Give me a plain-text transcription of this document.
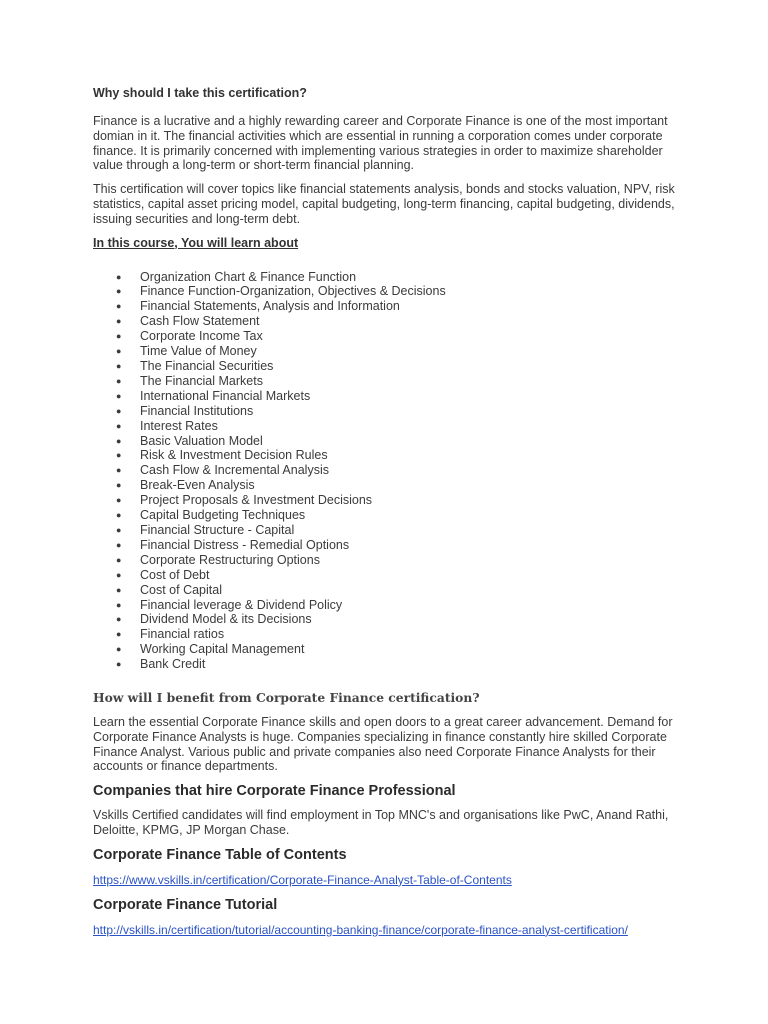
Why should I take this certification?

Finance is a lucrative and a highly rewarding career and Corporate Finance is one of the most important domian in it. The financial activities which are essential in running a corporation comes under corporate finance. It is primarily concerned with implementing various strategies in order to maximize shareholder value through a long-term or short-term financial planning.

This certification will cover topics like financial statements analysis, bonds and stocks valuation, NPV, risk statistics, capital asset pricing model, capital budgeting, long-term financing, capital budgeting, dividends, issuing securities and long-term debt.

In this course, You will learn about
● Organization Chart & Finance Function
● Finance Function-Organization, Objectives & Decisions
● Financial Statements, Analysis and Information
● Cash Flow Statement
● Corporate Income Tax
● Time Value of Money
● The Financial Securities
● The Financial Markets
● International Financial Markets
● Financial Institutions
● Interest Rates
● Basic Valuation Model
● Risk & Investment Decision Rules
● Cash Flow & Incremental Analysis
● Break-Even Analysis
● Project Proposals & Investment Decisions
● Capital Budgeting Techniques
● Financial Structure - Capital
● Financial Distress - Remedial Options
● Corporate Restructuring Options
● Cost of Debt
● Cost of Capital
● Financial leverage & Dividend Policy
● Dividend Model & its Decisions
● Financial ratios
● Working Capital Management
● Bank Credit
How will I benefit from Corporate Finance certification?

Learn the essential Corporate Finance skills and open doors to a great career advancement. Demand for Corporate Finance Analysts is huge. Companies specializing in finance constantly hire skilled Corporate Finance Analyst. Various public and private companies also need Corporate Finance Analysts for their accounts or finance departments.

Companies that hire Corporate Finance Professional

Vskills Certified candidates will find employment in Top MNC's and organisations like PwC, Anand Rathi, Deloitte, KPMG, JP Morgan Chase.

Corporate Finance Table of Contents
https://www.vskills.in/certification/Corporate-Finance-Analyst-Table-of-Contents
Corporate Finance Tutorial
http://vskills.in/certification/tutorial/accounting-banking-finance/corporate-finance-analyst-certification/
